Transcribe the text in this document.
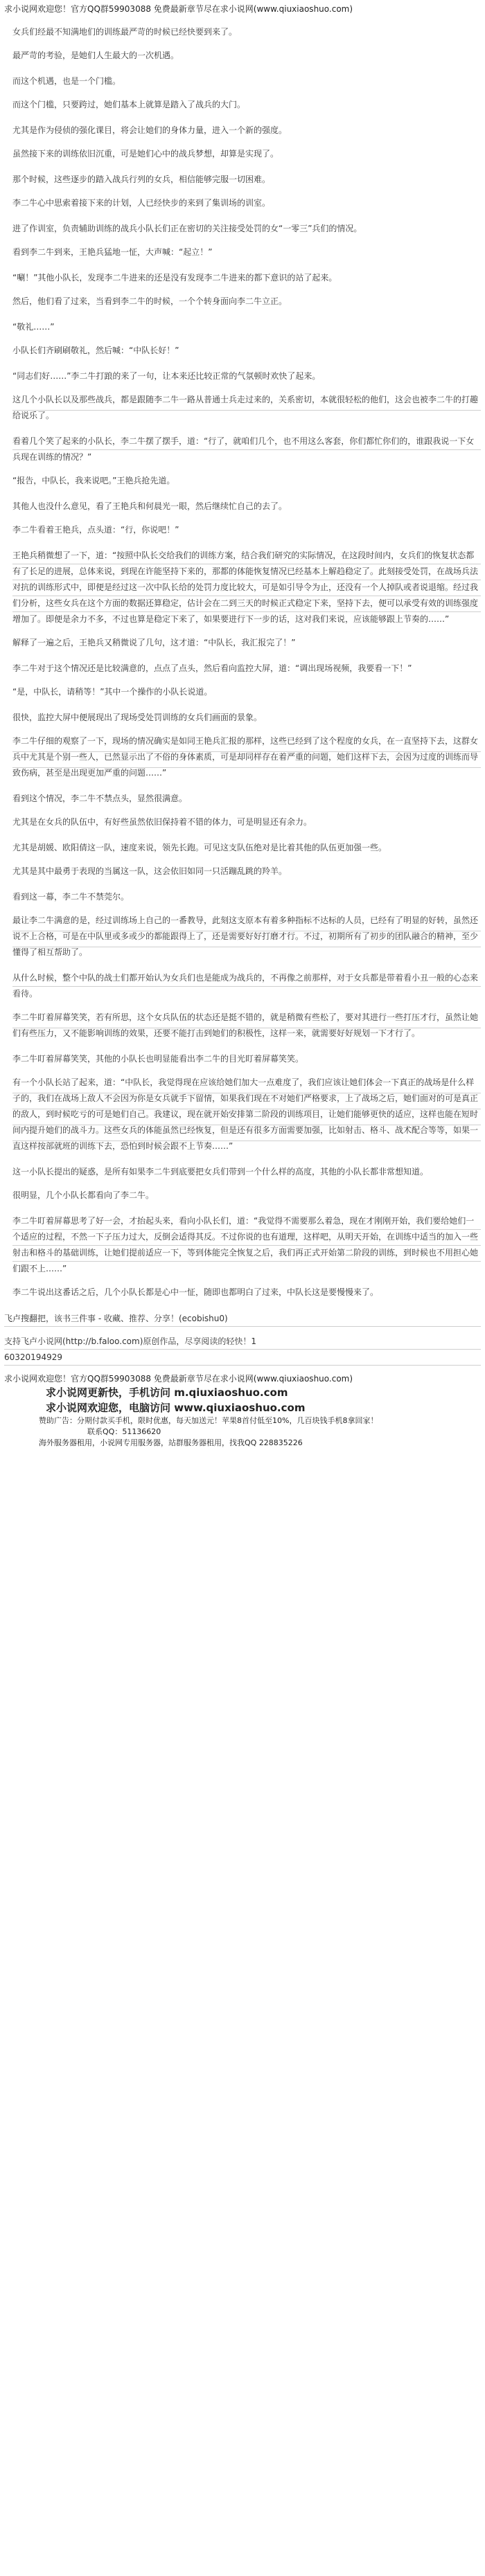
求小说网欢迎您！官方QQ群59903088 免费最新章节尽在求小说网(www.qiuxiaoshuo.com)

女兵们经最不知满地们的训练最严苛的时候已经快要到来了。

最严苛的考验，是她们人生最大的一次机遇。

而这个机遇，也是一个门槛。

而这个门槛，只要跨过，她们基本上就算是踏入了战兵的大门。

尤其是作为侵侦的强化课目，将会让她们的身体力量，进入一个新的强度。

虽然接下来的训练依旧沉重，可是她们心中的战兵梦想，却算是实现了。

那个时候，这些逐步的踏入战兵行列的女兵，相信能够完服一切困难。

李二牛心中思索着接下来的计划，人已经快步的来到了集训场的训室。

进了作训室，负责辅助训练的战兵小队长们正在密切的关注接受处罚的女“一零三”兵们的情况。

看到李二牛到来，王艳兵猛地一怔，大声喊：“起立！”

“唰！”其他小队长，发现李二牛进来的还是没有发现李二牛进来的都下意识的站了起来。

然后，他们看了过来，当看到李二牛的时候，一个个转身面向李二牛立正。

“敬礼……”

小队长们齐刷刷敬礼，然后喊：“中队长好！”

“同志们好……”李二牛打踉的来了一句，让本来还比较正常的气氛顿时欢快了起来。

这几个小队长以及那些战兵，都是跟随李二牛一路从普通士兵走过来的，关系密切，本就很轻松的他们，这会也被李二牛的打趣给说乐了。

看着几个笑了起来的小队长，李二牛摆了摆手，道：“行了，就咱们几个，也不用这么客套，你们都忙你们的，谁跟我说一下女兵现在训练的情况？”

“报告，中队长，我来说吧。”王艳兵抢先道。

其他人也没什么意见，看了王艳兵和何晨光一眼，然后继续忙自己的去了。

李二牛看着王艳兵，点头道：“行，你说吧！”

王艳兵稍微想了一下，道：“按照中队长交给我们的训练方案，结合我们研究的实际情况，在这段时间内，女兵们的恢复状态都有了长足的进展，总体来说，到现在许能坚持下来的，那都的体能恢复情况已经基本上解趋稳定了。此刻接受处罚，在战场兵法对抗的训练形式中，即便是经过这一次中队长给的处罚力度比较大，可是如引导令为止，还没有一个人掉队或者说退缩。经过我们分析，这些女兵在这个方面的数据还算稳定，估计会在二到三天的时候正式稳定下来，坚持下去，便可以承受有效的训练强度增加了。即便是余力不多，不过也算是稳定下来了，如果要进行下一步的话，这对我们来说，应该能够跟上节奏的……”

解释了一遍之后，王艳兵又稍微说了几句，这才道：“中队长，我汇报完了！”

李二牛对于这个情况还是比较满意的，点点了点头，然后看向监控大屏，道：“调出现场视频，我要看一下！”

“是，中队长，请稍等！”其中一个操作的小队长说道。

很快，监控大屏中便展现出了现场受处罚训练的女兵们画面的景象。

李二牛仔细的观察了一下，现场的情况确实是如同王艳兵汇报的那样，这些已经到了这个程度的女兵，在一直坚持下去，这群女兵中尤其是个别一些人，已然显示出了不俗的身体素质，可是却同样存在着严重的问题，她们这样下去，会因为过度的训练而导致伤病，甚至是出现更加严重的问题……”

看到这个情况，李二牛不禁点头，显然很满意。

尤其是在女兵的队伍中，有好些虽然依旧保持着不错的体力，可是明显还有余力。

尤其是胡媛、欧阳倩这一队，速度来说，领先长跑。可见这支队伍绝对是比着其他的队伍更加强一些。

尤其是其中最勇于表现的当属这一队，这会依旧如同一只活蹦乱跳的羚羊。

看到这一幕，李二牛不禁莞尔。

最让李二牛满意的是，经过训练场上自己的一番教导，此刻这支原本有着多种指标不达标的人员，已经有了明显的好转，虽然还说不上合格，可是在中队里或多或少的都能跟得上了，还是需要好好打磨才行。不过，初期所有了初步的团队融合的精神，至少懂得了相互帮助了。

从什么时候，整个中队的战士们都开始认为女兵们也是能成为战兵的，不再像之前那样，对于女兵都是带着看小丑一般的心态来看待。

李二牛盯着屏幕笑笑，若有所思，这个女兵队伍的状态还是挺不错的，就是稍微有些松了，要对其进行一些打压才行，虽然让她们有些压力，又不能影响训练的效果，还要不能打击到她们的积极性，这样一来，就需要好好规划一下才行了。

李二牛盯着屏幕笑笑，其他的小队长也明显能看出李二牛的目光盯着屏幕笑笑。

有一个小队长站了起来，道：“中队长，我觉得现在应该给她们加大一点难度了，我们应该让她们体会一下真正的战场是什么样子的，我们在战场上敌人不会因为你是女兵就手下留情，如果我们现在不对她们严格要求，上了战场之后，她们面对的可是真正的敌人，到时候吃亏的可是她们自己。我建议，现在就开始安排第二阶段的训练项目，让她们能够更快的适应，这样也能在短时间内提升她们的战斗力。这些女兵的体能虽然已经恢复，但是还有很多方面需要加强，比如射击、格斗、战术配合等等，如果一直这样按部就班的训练下去，恐怕到时候会跟不上节奏……”

这一小队长提出的疑惑，是所有如果李二牛到底要把女兵们带到一个什么样的高度，其他的小队长都非常想知道。

很明显，几个小队长都看向了李二牛。

李二牛盯着屏幕思考了好一会，才抬起头来，看向小队长们，道：“我觉得不需要那么着急，现在才刚刚开始，我们要给她们一个适应的过程，不然一下子压力过大，反倒会适得其反。不过你说的也有道理，这样吧，从明天开始，在训练中适当的加入一些射击和格斗的基础训练，让她们提前适应一下，等到体能完全恢复之后，我们再正式开始第二阶段的训练，到时候也不用担心她们跟不上……”

李二牛说出这番话之后，几个小队长都是心中一怔，随即也都明白了过来，中队长这是要慢慢来了。

飞卢搜翻把，该书三件事 - 收藏、推荐、分享！(ecobishu0)
支持飞卢小说网(http://b.faloo.com)原创作品，尽享阅读的轻快！1
60320194929
求小说网欢迎您！官方QQ群59903088 免费最新章节尽在求小说网(www.qiuxiaoshuo.com)
求小说网更新快，手机访问 m.qiuxiaoshuo.com
求小说网欢迎您，电脑访问 www.qiuxiaoshuo.com
赞助广告：分期付款买手机，限时优惠，每天加送元！苹果8首付低至10%，几百块钱手机8拿回家！
联系QQ：51136620
海外服务器租用，小说网专用服务器，站群服务器租用，找我QQ 228835226
